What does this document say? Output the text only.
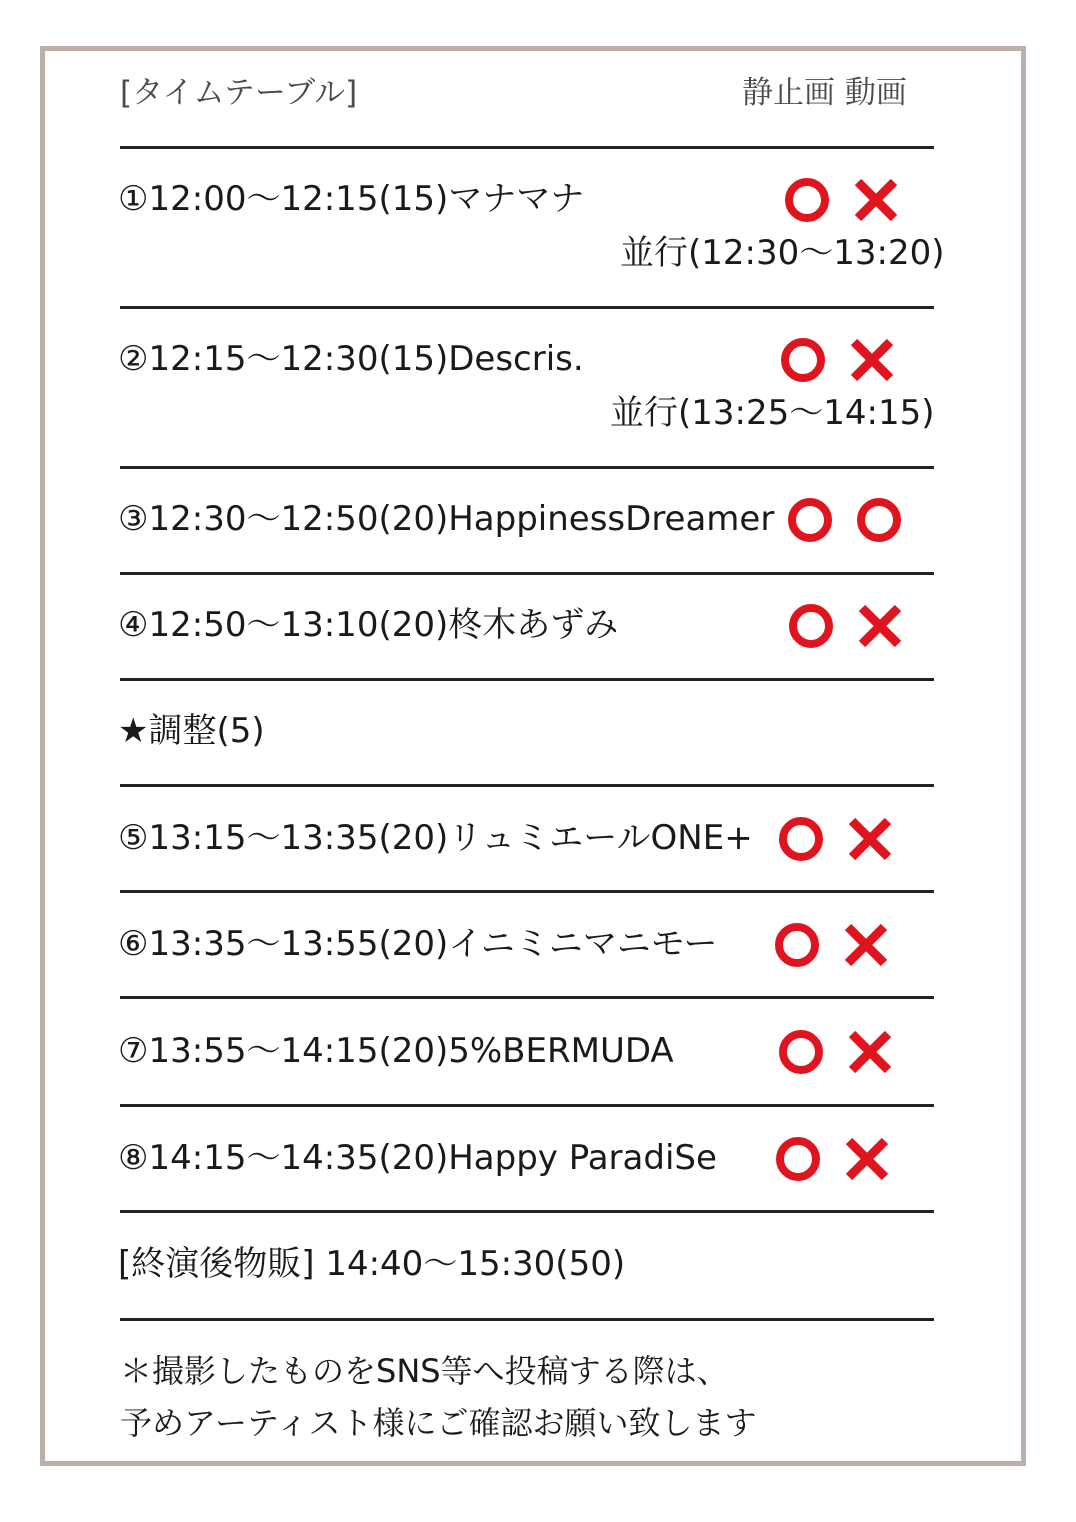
[タイムテーブル]	静止画 動画
①12:00〜12:15(15)マナマナ
並行(12:30〜13:20)
②12:15〜12:30(15)Descris.
並行(13:25〜14:15)
③12:30〜12:50(20)HappinessDreamer
④12:50〜13:10(20)柊木あずみ
★調整(5)
⑤13:15〜13:35(20)リュミエールONE+
⑥13:35〜13:55(20)イニミニマニモー
⑦13:55〜14:15(20)5%BERMUDA
⑧14:15〜14:35(20)Happy ParadiSe
[終演後物販] 14:40〜15:30(50)
＊撮影したものをSNS等へ投稿する際は、
予めアーティスト様にご確認お願い致します
